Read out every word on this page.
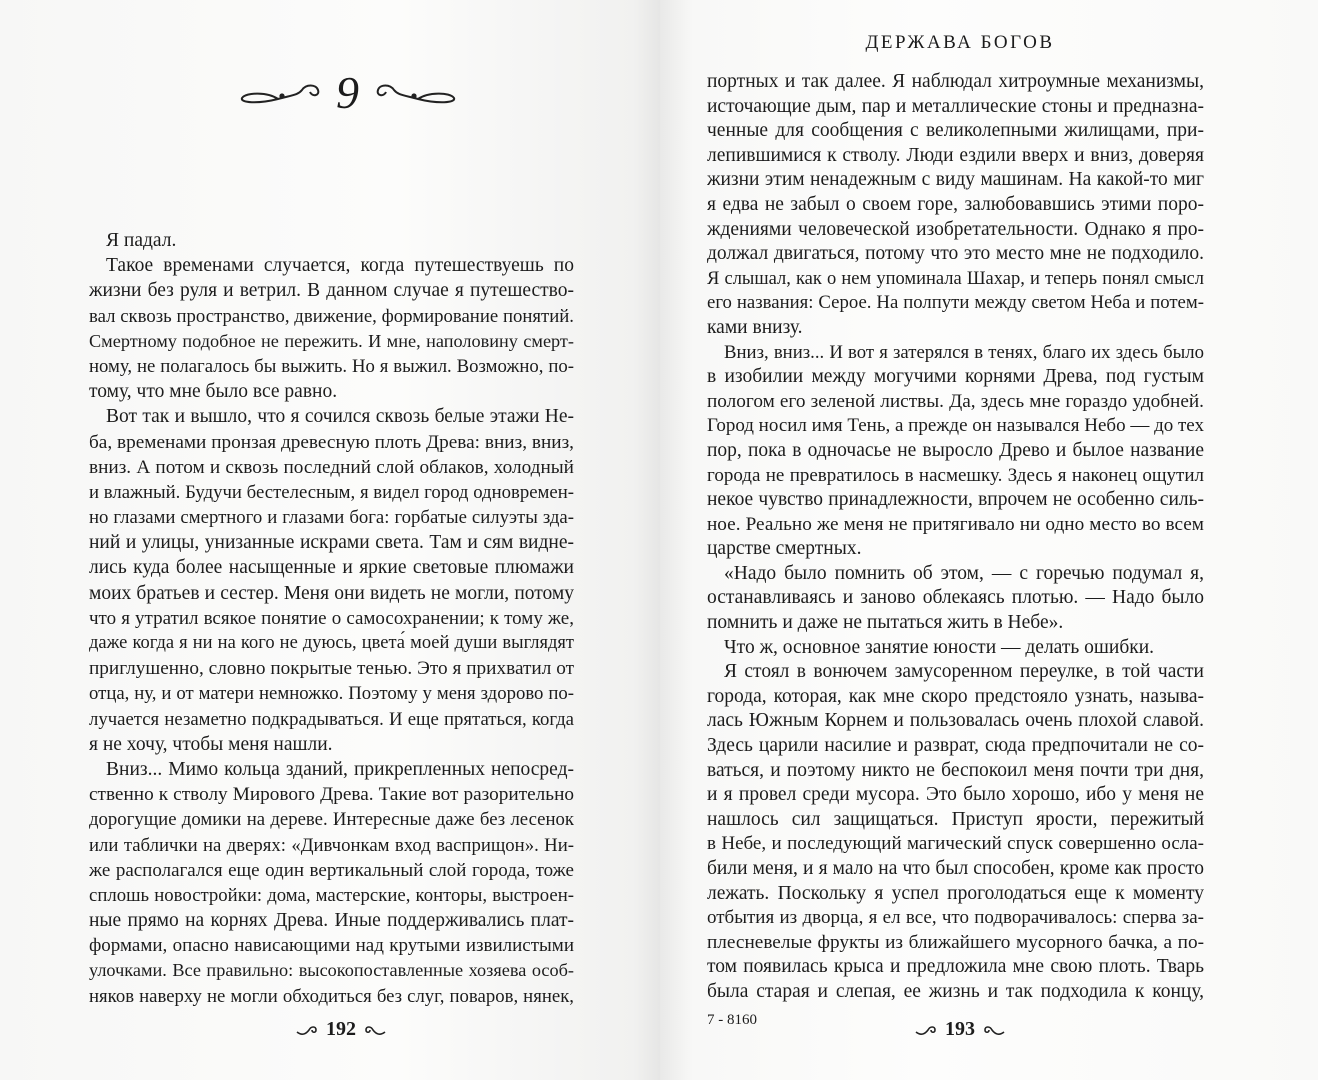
9
Я падал.
Такое временами случается, когда путешествуешь по
жизни без руля и ветрил. В данном случае я путешество-
вал сквозь пространство, движение, формирование понятий.
Смертному подобное не пережить. И мне, наполовину смерт-
ному, не полагалось бы выжить. Но я выжил. Возможно, по-
тому, что мне было все равно.
Вот так и вышло, что я сочился сквозь белые этажи Не-
ба, временами пронзая древесную плоть Древа: вниз, вниз,
вниз. А потом и сквозь последний слой облаков, холодный
и влажный. Будучи бестелесным, я видел город одновремен-
но глазами смертного и глазами бога: горбатые силуэты зда-
ний и улицы, унизанные искрами света. Там и сям видне-
лись куда более насыщенные и яркие световые плюмажи
моих братьев и сестер. Меня они видеть не могли, потому
что я утратил всякое понятие о самосохранении; к тому же,
даже когда я ни на кого не дуюсь, цвета́ моей души выглядят
приглушенно, словно покрытые тенью. Это я прихватил от
отца, ну, и от матери немножко. Поэтому у меня здорово по-
лучается незаметно подкрадываться. И еще прятаться, когда
я не хочу, чтобы меня нашли.
Вниз... Мимо кольца зданий, прикрепленных непосред-
ственно к стволу Мирового Древа. Такие вот разорительно
дорогущие домики на дереве. Интересные даже без лесенок
или таблички на дверях: «Дивчонкам вход васприщон». Ни-
же располагался еще один вертикальный слой города, тоже
сплошь новостройки: дома, мастерские, конторы, выстроен-
ные прямо на корнях Древа. Иные поддерживались плат-
формами, опасно нависающими над крутыми извилистыми
улочками. Все правильно: высокопоставленные хозяева особ-
няков наверху не могли обходиться без слуг, поваров, нянек,
192
ДЕРЖАВА БОГОВ
портных и так далее. Я наблюдал хитроумные механизмы,
источающие дым, пар и металлические стоны и предназна-
ченные для сообщения с великолепными жилищами, при-
лепившимися к стволу. Люди ездили вверх и вниз, доверяя
жизни этим ненадежным с виду машинам. На какой-то миг
я едва не забыл о своем горе, залюбовавшись этими поро-
ждениями человеческой изобретательности. Однако я про-
должал двигаться, потому что это место мне не подходило.
Я слышал, как о нем упоминала Шахар, и теперь понял смысл
его названия: Серое. На полпути между светом Неба и потем-
ками внизу.
Вниз, вниз... И вот я затерялся в тенях, благо их здесь было
в изобилии между могучими корнями Древа, под густым
пологом его зеленой листвы. Да, здесь мне гораздо удобней.
Город носил имя Тень, а прежде он назывался Небо — до тех
пор, пока в одночасье не выросло Древо и былое название
города не превратилось в насмешку. Здесь я наконец ощутил
некое чувство принадлежности, впрочем не особенно силь-
ное. Реально же меня не притягивало ни одно место во всем
царстве смертных.
«Надо было помнить об этом, — с горечью подумал я,
останавливаясь и заново облекаясь плотью. — Надо было
помнить и даже не пытаться жить в Небе».
Что ж, основное занятие юности — делать ошибки.
Я стоял в вонючем замусоренном переулке, в той части
города, которая, как мне скоро предстояло узнать, называ-
лась Южным Корнем и пользовалась очень плохой славой.
Здесь царили насилие и разврат, сюда предпочитали не со-
ваться, и поэтому никто не беспокоил меня почти три дня,
и я провел среди мусора. Это было хорошо, ибо у меня не
нашлось сил защищаться. Приступ ярости, пережитый
в Небе, и последующий магический спуск совершенно осла-
били меня, и я мало на что был способен, кроме как просто
лежать. Поскольку я успел проголодаться еще к моменту
отбытия из дворца, я ел все, что подворачивалось: сперва за-
плесневелые фрукты из ближайшего мусорного бачка, а по-
том появилась крыса и предложила мне свою плоть. Тварь
была старая и слепая, ее жизнь и так подходила к концу,
7 - 8160	193
